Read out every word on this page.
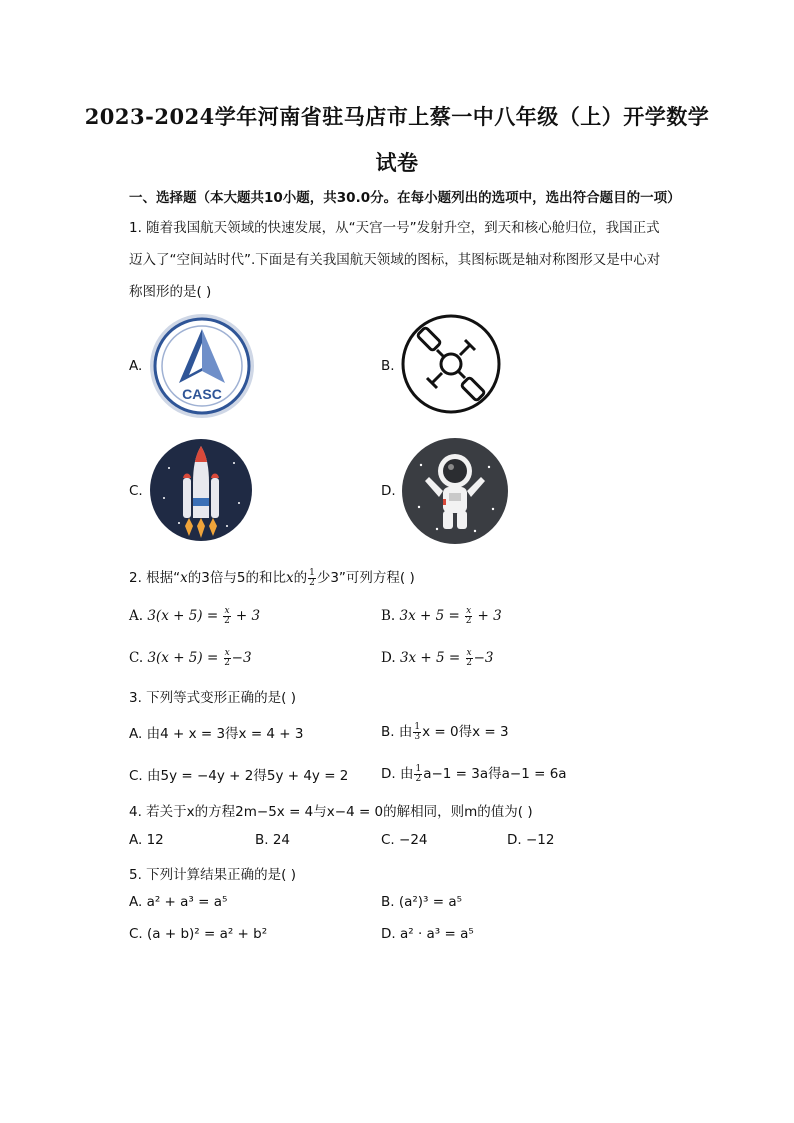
2023-2024学年河南省驻马店市上蔡一中八年级（上）开学数学
试卷
一、选择题（本大题共10小题，共30.0分。在每小题列出的选项中，选出符合题目的一项）
1. 随着我国航天领域的快速发展，从“天宫一号”发射升空，到天和核心舱归位，我国正式
迈入了“空间站时代”.下面是有关我国航天领域的图标，其图标既是轴对称图形又是中心对
称图形的是( )
A.	B.
C.	D.
CASC
2. 根据“x的3倍与5的和比x的 $\frac{1}{2}$ 少3”可列方程( )
A. $3(x + 5) = \frac{x}{2} + 3$	B. $3x + 5 = \frac{x}{2} + 3$
C. $3(x + 5) = \frac{x}{2} -3$	D. $3x + 5 = \frac{x}{2} -3$
3. 下列等式变形正确的是( )
A. 由4 + x = 3得x = 4 + 3	B. 由 $\frac{1}{3}$ x = 0得x = 3
C. 由5y = −4y + 2得5y + 4y = 2 D. 由 $\frac{1}{2} a-1 = 3a$得a−1 = 6a
4. 若关于x的方程2m−5x = 4与x−4 = 0的解相同，则m的值为( )
A. 12	B. 24	C. −24	D. −12
5. 下列计算结果正确的是( )
A. a² + a³ = a⁵	B. (a²)³ = a⁵
C. (a + b)² = a² + b²	D. a² · a³ = a⁵
